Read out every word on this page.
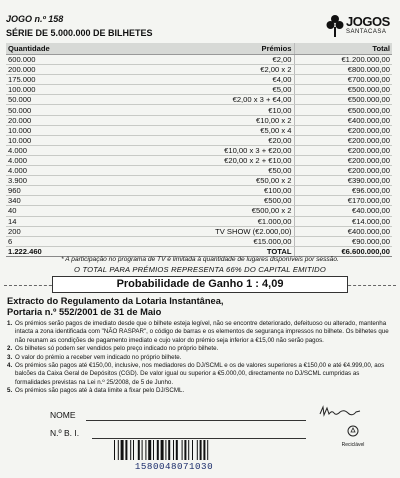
JOGO n.º 158
SÉRIE DE 5.000.000 DE BILHETES
JOGOS
SANTACASA
Quantidade	Prémios	Total
600.000	€2,00	€1.200.000,00
200.000	€2,00 x 2	€800.000,00
175.000	€4,00	€700.000,00
100.000	€5,00	€500.000,00
50.000	€2,00 x 3 + €4,00	€500.000,00
50.000	€10,00	€500.000,00
20.000	€10,00 x 2	€400.000,00
10.000	€5,00 x 4	€200.000,00
10.000	€20,00	€200.000,00
4.000	€10,00 x 3 + €20,00	€200.000,00
4.000	€20,00 x 2 + €10,00	€200.000,00
4.000	€50,00	€200.000,00
3.900	€50,00 x 2	€390.000,00
960	€100,00	€96.000,00
340	€500,00	€170.000,00
40	€500,00 x 2	€40.000,00
14	€1.000,00	€14.000,00
200	TV SHOW (€2.000,00)	€400.000,00
6	€15.000,00	€90.000,00
1.222.460	TOTAL	€6.600.000,00
* A participação no programa de TV é limitada à quantidade de lugares disponíveis por sessão.
O TOTAL PARA PRÉMIOS REPRESENTA 66% DO CAPITAL EMITIDO
Probabilidade de Ganho 1 : 4,09
Extracto do Regulamento da Lotaria Instantânea,
Portaria n.º 552/2001 de 31 de Maio
1. Os prémios serão pagos de imediato desde que o bilhete esteja legível, não se encontre deteriorado, defeituoso ou alterado, mantenha intacta a zona identificada com "NÃO RASPAR", o código de barras e os elementos de segurança impressos no bilhete. Os bilhetes que não reunam as condições de pagamento imediato e cujo valor do prémio seja inferior a €15,00 não serão pagos.
2. Os bilhetes só podem ser vendidos pelo preço indicado no próprio bilhete.
3. O valor do prémio a receber vem indicado no próprio bilhete.
4. Os prémios são pagos até €150,00, inclusive, nos mediadores do DJ/SCML e os de valores superiores a €150,00 e até €4.999,00, aos balcões da Caixa Geral de Depósitos (CGD). De valor igual ou superior a €5.000,00, directamente no DJ/SCML cumpridas as formalidades previstas na Lei n.º 25/2008, de 5 de Junho.
5. Os prémios são pagos até à data limite a fixar pelo DJ/SCML.
NOME
N.º B. I.
Reciclável
1580048071030
